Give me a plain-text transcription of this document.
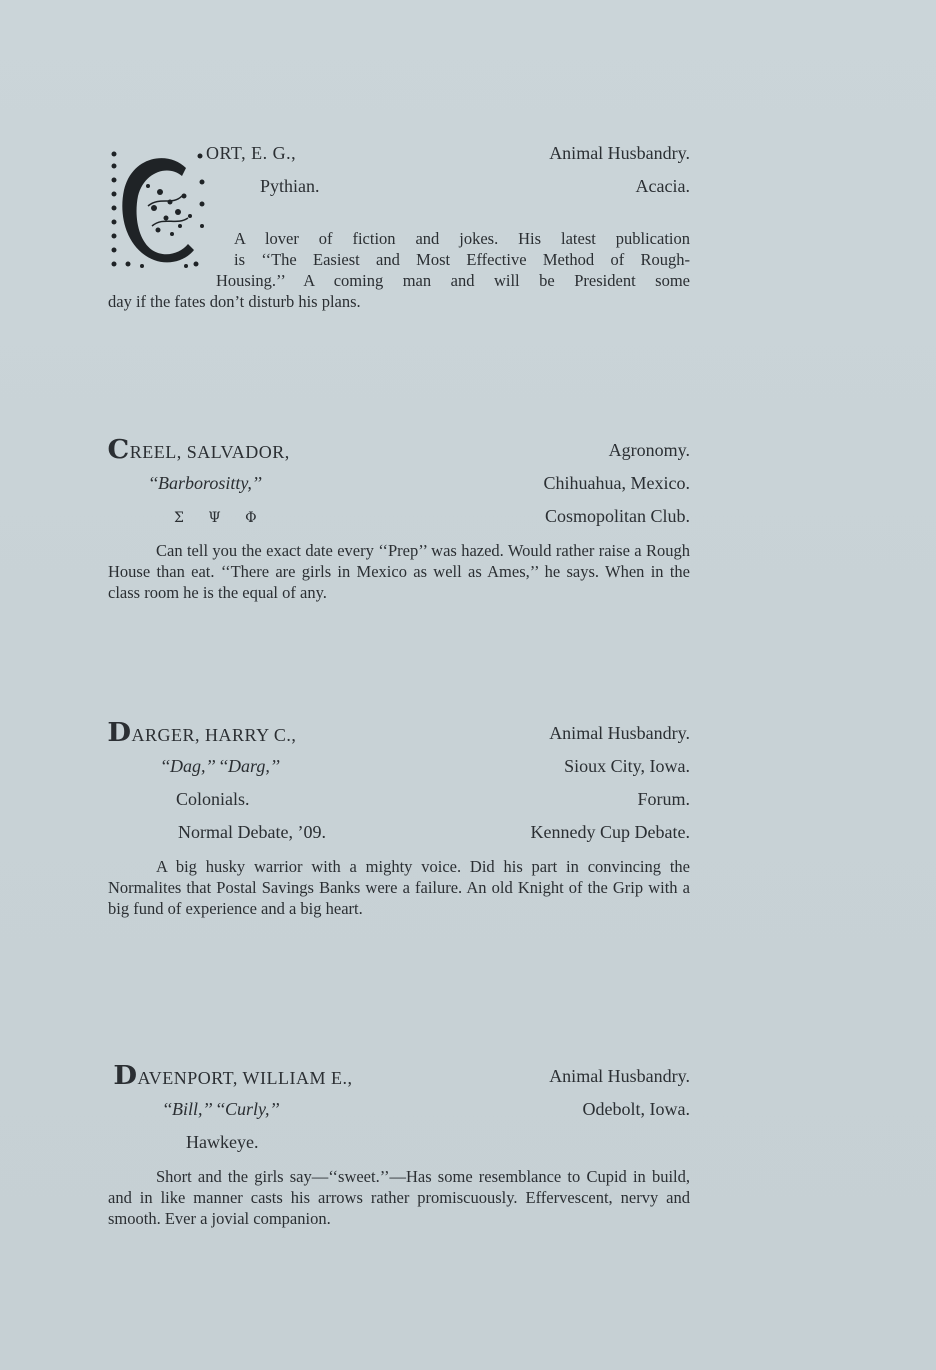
ORT, E. G.,	Animal Husbandry.
Pythian.	Acacia.
A lover of fiction and jokes. His latest publication
is ‘‘The Easiest and Most Effective Method of Rough-
Housing.’’ A coming man and will be President some
day if the fates don’t disturb his plans.
CREEL, SALVADOR,	Agronomy.
‘‘Barborositty,’’	Chihuahua, Mexico.
Σ Ψ Φ	Cosmopolitan Club.
Can tell you the exact date every ‘‘Prep’’ was hazed. Would rather raise a Rough House than eat. ‘‘There are girls in Mexico as well as Ames,’’ he says. When in the class room he is the equal of any.
DARGER, HARRY C.,	Animal Husbandry.
‘‘Dag,’’ ‘‘Darg,’’	Sioux City, Iowa.
Colonials.	Forum.
Normal Debate, ’09.	Kennedy Cup Debate.
A big husky warrior with a mighty voice. Did his part in convincing the Normalites that Postal Savings Banks were a failure. An old Knight of the Grip with a big fund of experience and a big heart.
DAVENPORT, WILLIAM E.,	Animal Husbandry.
‘‘Bill,’’ ‘‘Curly,’’	Odebolt, Iowa.
Hawkeye.
Short and the girls say—‘‘sweet.’’—Has some resemblance to Cupid in build, and in like manner casts his arrows rather promiscuously. Effervescent, nervy and smooth. Ever a jovial companion.
